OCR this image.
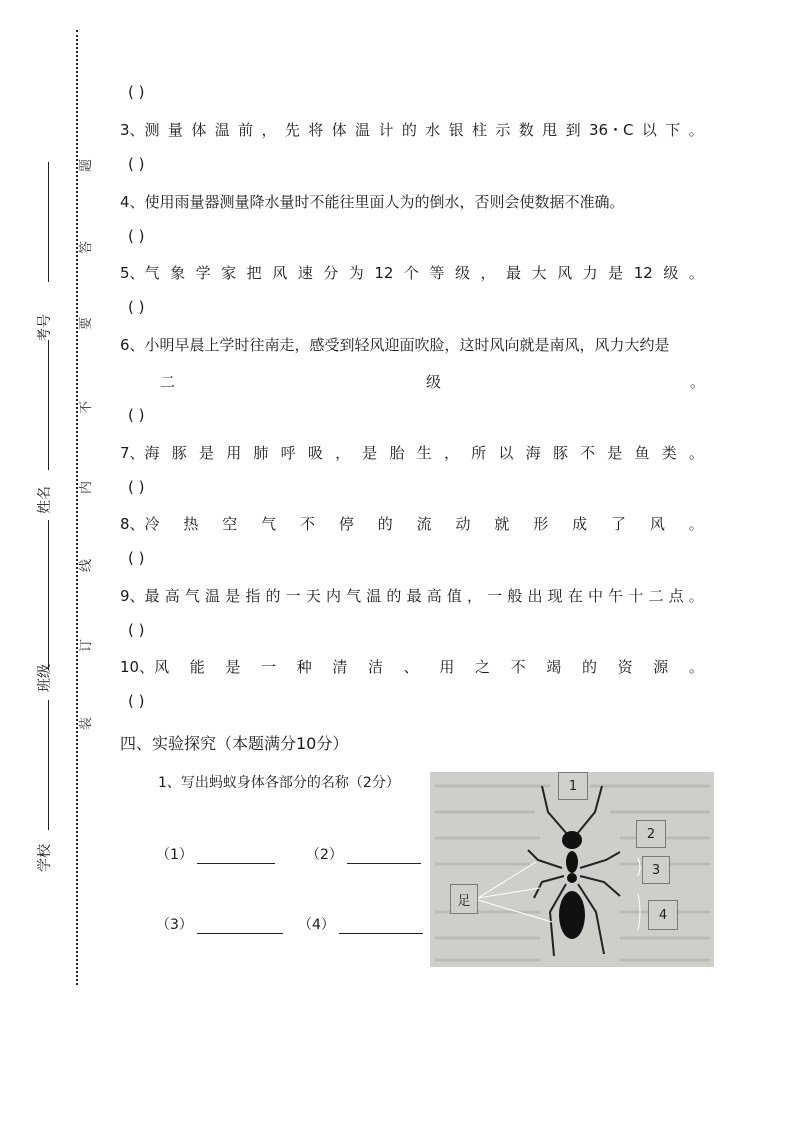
考号
姓名
班级
学校
题
答
要
不
内
线
订
装
( )
3、测 量 体 温 前 ， 先 将 体 温 计 的 水 银 柱 示 数 甩 到 36・C 以 下 。
( )
4、使用雨量器测量降水量时不能往里面人为的倒水，否则会使数据不准确。
( )
5、气 象 学 家 把 风 速 分 为 12 个 等 级 ， 最 大 风 力 是 12 级 。
( )
6、小明早晨上学时往南走，感受到轻风迎面吹脸，这时风向就是南风，风力大约是
二	级	。
( )
7、海 豚 是 用 肺 呼 吸 ， 是 胎 生 ， 所 以 海 豚 不 是 鱼 类 。
( )
8、冷 热 空 气 不 停 的 流 动 就 形 成 了 风 。
( )
9、最 高 气 温 是 指 的 一 天 内 气 温 的 最 高 值 ， 一 般 出 现 在 中 午 十 二 点 。
( )
10、风 能 是 一 种 清 洁 、 用 之 不 竭 的 资 源 。
( )
四、实验探究（本题满分10分）
1、写出蚂蚁身体各部分的名称（2分）
（1）	（2）
（3）	（4）
1
2
3
4
足
